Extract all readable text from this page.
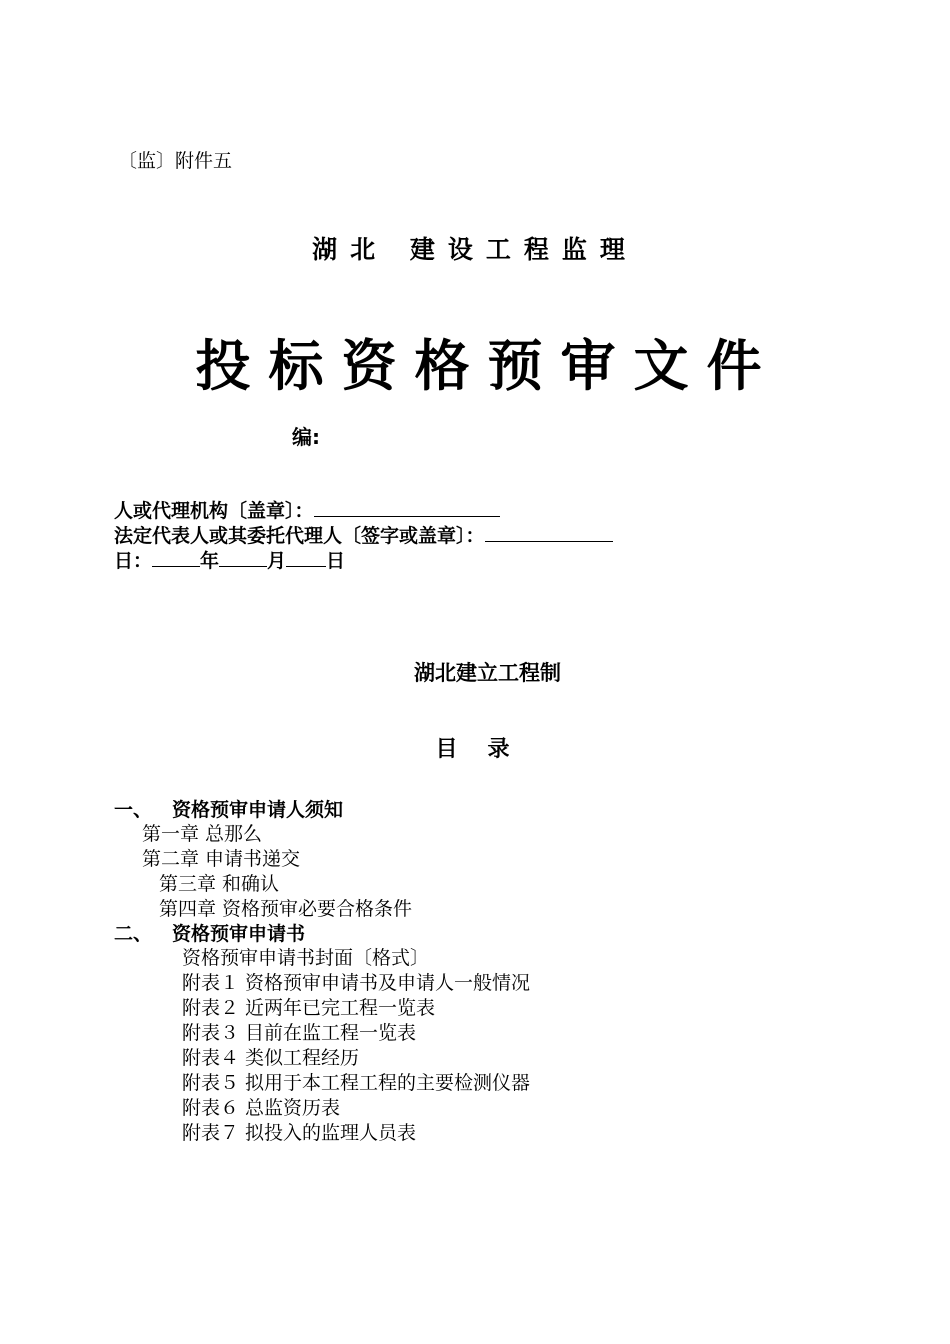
〔监〕附件五
湖北 建设工程监理
投标资格预审文件
编:
人或代理机构〔盖章〕：
法定代表人或其委托代理人〔签字或盖章〕：
日：	年	月 日
湖北建立工程制
目录
一、 资格预审申请人须知
第一章 总那么
第二章 申请书递交
第三章 和确认
第四章 资格预审必要合格条件
二、 资格预审申请书
资格预审申请书封面〔格式〕
附表１ 资格预审申请书及申请人一般情况
附表２ 近两年已完工程一览表
附表３ 目前在监工程一览表
附表４ 类似工程经历
附表５ 拟用于本工程工程的主要检测仪器
附表６ 总监资历表
附表７ 拟投入的监理人员表
